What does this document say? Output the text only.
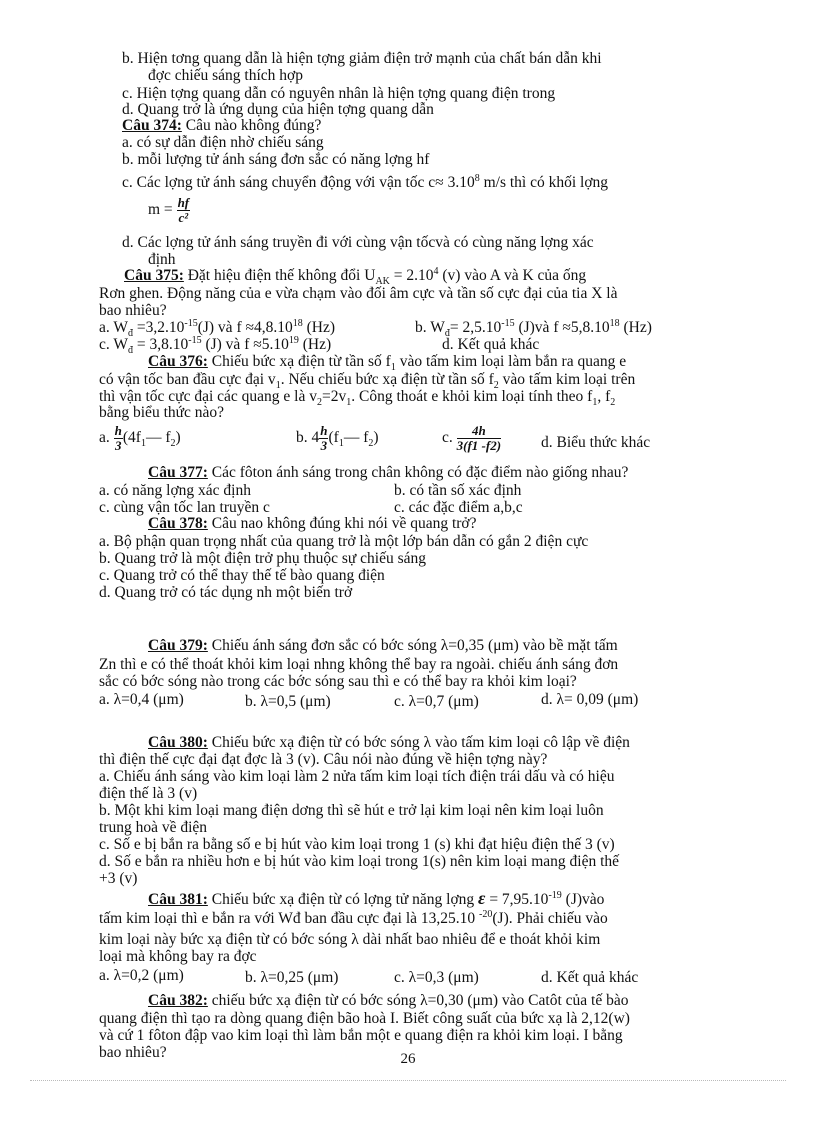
b. Hiện tơng quang dẫn là hiện tợng giảm điện trở mạnh của chất bán dẫn khi
đợc chiếu sáng thích hợp
c. Hiện tợng quang dẫn có nguyên nhân là hiện tợng quang điện trong
d. Quang trở là ứng dụng của hiện tợng quang dẫn
Câu 374: Câu nào không đúng?
a. có sự dẫn điện nhờ chiếu sáng
b. mỗi lượng tử ánh sáng đơn sắc có năng lợng hf
c. Các lợng tử ánh sáng chuyển động với vận tốc $c\approx 3.10^8$ m/s thì có khối lợng
$m = \frac{hf}{\text{c²}}$
d. Các lợng tử ánh sáng truyền đi với cùng vận tốcvà có cùng năng lợng xác
định
Câu 375: Đặt hiệu điện thế không đổi $U_{AK} = 2.10^4$ (v) vào A và K của ống
Rơn ghen. Động năng của e vừa chạm vào đối âm cực và tần số cực đại của tia X là
bao nhiêu?
a. $W_đ =3,2.10^{-15}(J)$ và $f \approx 4,8.10^{18}$ (Hz)	b. $W_đ= 2,5.10^{-15}$ (J)và $f \approx 5,8.10^{18}$ (Hz)
c. $W_đ = 3,8.10^{-15}$ (J) và $f \approx 5.10^{19}$ (Hz)	d. Kết quả khác
Câu 376: Chiếu bức xạ điện từ tần số $f_1$ vào tấm kim loại làm bắn ra quang e
có vận tốc ban đầu cực đại $v_1$. Nếu chiếu bức xạ điện từ tần số $f_2$ vào tấm kim loại trên
thì vận tốc cực đại các quang e là $v_2=2v_1$. Công thoát e khỏi kim loại tính theo $f_1$, $f_2$
bằng biểu thức nào?
a. $\frac{h}{3}$ ($4f_1—$ $f_2$)	b. $4 \frac{h}{3}$ ($f_1—$ $f_2$)	c. $\frac{4h}{3(f1 -f2)}$	d. Biểu thức khác
Câu 377: Các fôton ánh sáng trong chân không có đặc điểm nào giống nhau?
a. có năng lợng xác định	b. có tần số xác định
c. cùng vận tốc lan truyền c	c. các đặc điểm a,b,c
Câu 378: Câu nao không đúng khi nói về quang trở?
a. Bộ phận quan trọng nhất của quang trở là một lớp bán dẫn có gắn 2 điện cực
b. Quang trở là một điện trở phụ thuộc sự chiếu sáng
c. Quang trở có thể thay thế tế bào quang điện
d. Quang trở có tác dụng nh một biến trở
Câu 379: Chiếu ánh sáng đơn sắc có bớc sóng λ=0,35 (μm) vào bề mặt tấm
Zn thì e có thể thoát khỏi kim loại nhng không thể bay ra ngoài. chiếu ánh sáng đơn
sắc có bớc sóng nào trong các bớc sóng sau thì e có thể bay ra khỏi kim loại?
a. λ=0,4 (μm)	b. λ=0,5 (μm)	c. λ=0,7 (μm)	d. λ= 0,09 (μm)
Câu 380: Chiếu bức xạ điện từ có bớc sóng λ vào tấm kim loại cô lập về điện
thì điện thế cực đại đạt đợc là 3 (v). Câu nói nào đúng về hiện tợng này?
a. Chiếu ánh sáng vào kim loại làm 2 nửa tấm kim loại tích điện trái dấu và có hiệu
điện thế là 3 (v)
b. Một khi kim loại mang điện dơng thì sẽ hút e trở lại kim loại nên kim loại luôn
trung hoà về điện
c. Số e bị bắn ra bằng số e bị hút vào kim loại trong 1 (s) khi đạt hiệu điện thế 3 (v)
d. Số e bắn ra nhiều hơn e bị hút vào kim loại trong 1(s) nên kim loại mang điện thế
+3 (v)
Câu 381: Chiếu bức xạ điện từ có lợng tử năng lợng $\varepsilon = 7,95.10^{-19}$ (J)vào
tấm kim loại thì e bắn ra với Wđ ban đầu cực đại là 13,25.10 $^{-20}$(J). Phải chiếu vào
kim loại này bức xạ điện từ có bớc sóng λ dài nhất bao nhiêu để e thoát khỏi kim
loại mà không bay ra đợc
a. λ=0,2 (μm)	b. λ=0,25 (μm)	c. λ=0,3 (μm)	d. Kết quả khác
Câu 382: chiếu bức xạ điện từ có bớc sóng λ=0,30 (μm) vào Catôt của tế bào
quang điện thì tạo ra dòng quang điện bão hoà I. Biết công suất của bức xạ là 2,12(w)
và cứ 1 fôton đập vao kim loại thì làm bắn một e quang điện ra khỏi kim loại. I bằng
bao nhiêu?	26
